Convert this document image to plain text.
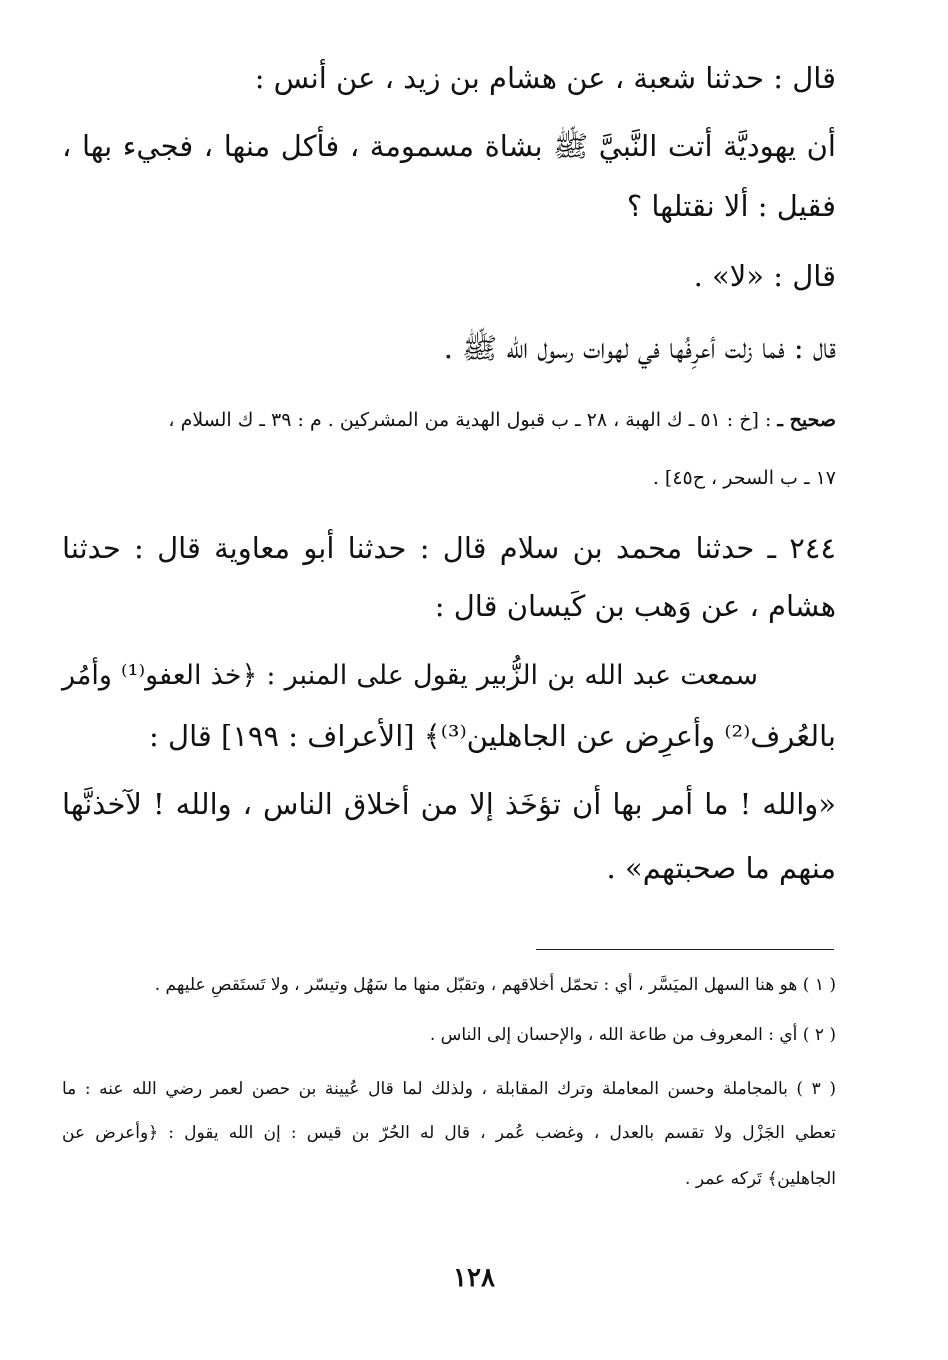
قال : حدثنا شعبة ، عن هشام بن زيد ، عن أنس :
أن يهوديَّة أتت النَّبيَّ ﷺ بشاة مسمومة ، فأكل منها ، فجيء بها ،
فقيل : ألا نقتلها ؟
قال : «لا» .
قال : فما زلت أعرِفُها في لهوات رسول الله ﷺ .
صحيح ـ : [خ : ٥١ ـ ك الهبة ، ٢٨ ـ ب قبول الهدية من المشركين . م : ٣٩ ـ ك السلام ،
١٧ ـ ب السحر ، ح٤٥] .
٢٤٤ ـ حدثنا محمد بن سلام قال : حدثنا أبو معاوية قال : حدثنا
هشام ، عن وَهب بن كَيسان قال :
سمعت عبد الله بن الزُّبير يقول على المنبر : ﴿خذ العفو⁽¹⁾ وأمُر
بالعُرف⁽²⁾ وأعرِض عن الجاهلين⁽³⁾﴾ [الأعراف : ١٩٩] قال :
«والله ! ما أمر بها أن تؤخَذ إلا من أخلاق الناس ، والله ! لآخذنَّها
منهم ما صحبتهم» .
( ١ ) هو هنا السهل الميَسَّر ، أي : تحمّل أخلاقهم ، وتقبّل منها ما سَهُل وتيسّر ، ولا تَستَقصِ عليهم .
( ٢ ) أي : المعروف من طاعة الله ، والإحسان إلى الناس .
( ٣ ) بالمجاملة وحسن المعاملة وترك المقابلة ، ولذلك لما قال عُيينة بن حصن لعمر رضي الله عنه : ما
تعطي الجَزْل ولا تقسم بالعدل ، وغضب عُمر ، قال له الحُرّ بن قيس : إن الله يقول : ﴿وأعرض عن
الجاهلين﴾ تَركه عمر .
١٢٨
